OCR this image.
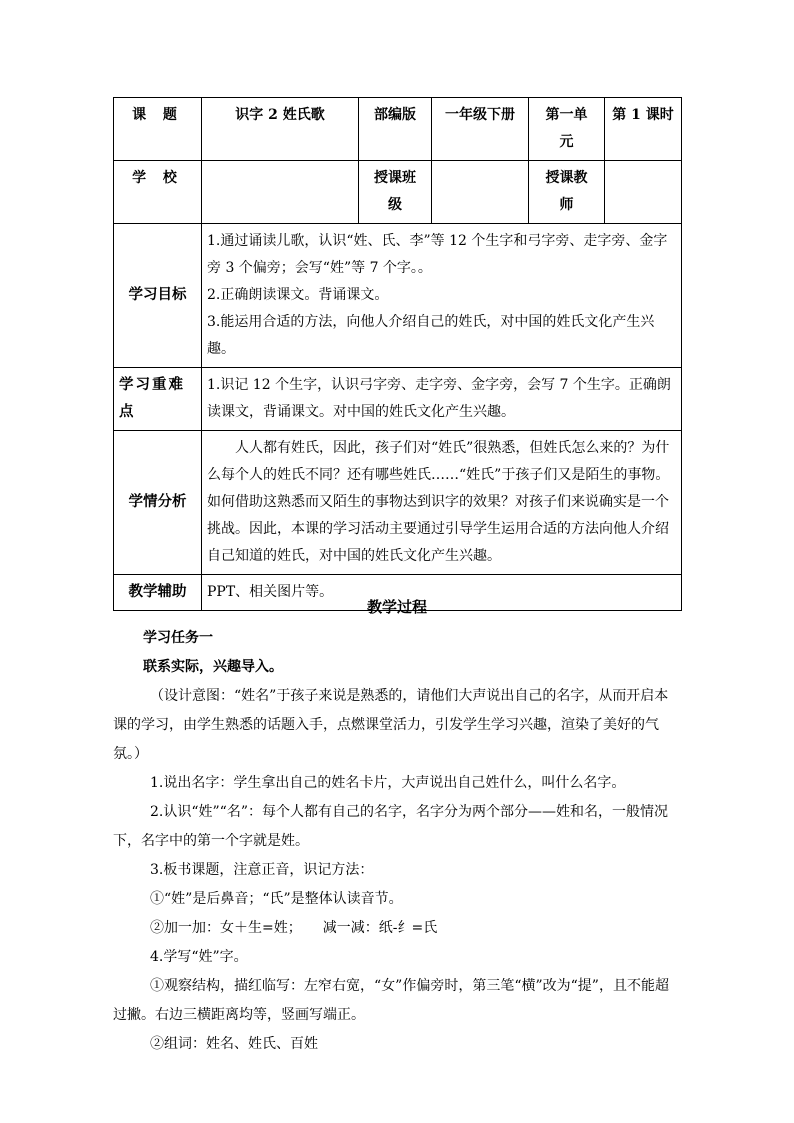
课 题	识字 2 姓氏歌	部编版	一年级下册	第一单元	第 1 课时
学 校		授课班级		授课教师	
学习目标	1.通过诵读儿歌，认识“姓、氏、李”等 12 个生字和弓字旁、走字旁、金字旁 3 个偏旁；会写“姓”等 7 个字。。

2.正确朗读课文。背诵课文。

3.能运用合适的方法，向他人介绍自己的姓氏，对中国的姓氏文化产生兴趣。				

学习重难点	1.识记 12 个生字，认识弓字旁、走字旁、金字旁，会写 7 个生字。正确朗读课文，背诵课文。对中国的姓氏文化产生兴趣。				

学情分析	人人都有姓氏，因此，孩子们对“姓氏”很熟悉，但姓氏怎么来的？为什么每个人的姓氏不同？还有哪些姓氏……“姓氏”于孩子们又是陌生的事物。如何借助这熟悉而又陌生的事物达到识字的效果？对孩子们来说确实是一个挑战。因此，本课的学习活动主要通过引导学生运用合适的方法向他人介绍自己知道的姓氏，对中国的姓氏文化产生兴趣。				

教学辅助	PPT、相关图片等。				

教学过程

学习任务一

联系实际，兴趣导入。

（设计意图：“姓名”于孩子来说是熟悉的，请他们大声说出自己的名字，从而开启本课的学习，由学生熟悉的话题入手，点燃课堂活力，引发学生学习兴趣，渲染了美好的气氛。）

1.说出名字：学生拿出自己的姓名卡片，大声说出自己姓什么，叫什么名字。

2.认识“姓”“名”：每个人都有自己的名字，名字分为两个部分——姓和名，一般情况下，名字中的第一个字就是姓。

3.板书课题，注意正音，识记方法：

①“姓”是后鼻音；“氏”是整体认读音节。

②加一加：女＋生=姓；　　减一减：纸-纟=氏

4.学写“姓”字。

①观察结构，描红临写：左窄右宽，“女”作偏旁时，第三笔“横”改为“提”，且不能超过撇。右边三横距离均等，竖画写端正。

②组词：姓名、姓氏、百姓
